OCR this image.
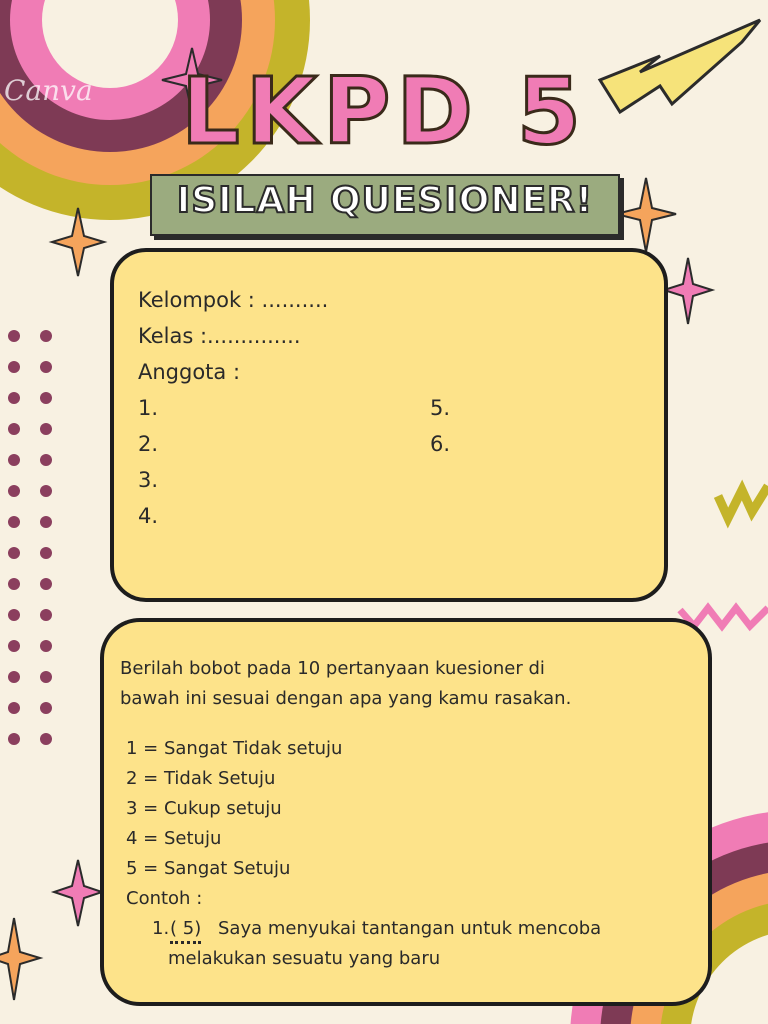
Canva LKPD 5
ISILAH QUESIONER!
Kelompok : ..........
Kelas :..............
Anggota :
1.
2.
3.
4.
5.
6.
Berilah bobot pada 10 pertanyaan kuesioner di
bawah ini sesuai dengan apa yang kamu rasakan.
1 = Sangat Tidak setuju
2 = Tidak Setuju
3 = Cukup setuju
4 = Setuju
5 = Sangat Setuju
Contoh :
1. ( 5) Saya menyukai tantangan untuk mencoba
melakukan sesuatu yang baru
